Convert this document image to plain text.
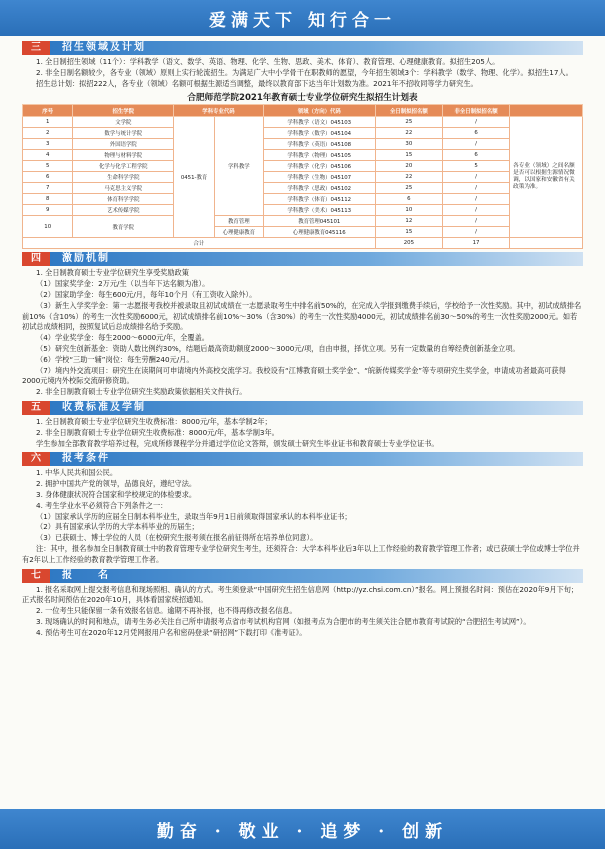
爱满天下 知行合一
三	招生领域及计划

1. 全日制招生领域（11个）：学科教学（语文、数学、英语、物理、化学、生物、思政、美术、体育）、教育管理、心理健康教育。拟招生205人。

2. 非全日制名额较少，各专业（领域）原则上实行轮流招生。为满足广大中小学骨干在职教师的愿望，今年招生领域3个：学科教学（数学、物理、化学）。拟招生17人。

招生总计划：拟招222人，各专业（领域）名额可根据生源适当调整，最终以教育部下达当年计划数为准。2021年不招收同等学力研究生。

合肥师范学院2021年教育硕士专业学位研究生拟招生计划表
序号	招生学院	学科专业代码		领域（方向）代码	全日制拟招名额	非全日制拟招名额	
1	文学院	0451-教育	学科教学	学科教学（语文）045103	25	/	各专业（领域）之间名额是否可以根据生源情况微调，以国家和安徽省有关政策为准。
2	数学与统计学院			学科教学（数学）045104	22	6	
3	外国语学院			学科教学（英语）045108	30	/	
4	物理与材料学院			学科教学（物理）045105	15	6	
5	化学与化学工程学院			学科教学（化学）045106	20	5	
6	生命科学学院			学科教学（生物）045107	22	/	
7	马克思主义学院			学科教学（思政）045102	25	/	
8	体育科学学院			学科教学（体育）045112	6	/	
9	艺术传媒学院			学科教学（美术）045113	10	/	
10	教育学院		教育管理	教育管理045101	12	/	
			心理健康教育	心理健康教育045116	15	/	
合计					205	17	
四	激励机制

1. 全日制教育硕士专业学位研究生享受奖励政策

（1）国家奖学金：2万元/生（以当年下达名额为准）。

（2）国家助学金：每生600元/月，每年10个月（有工资收入除外）。

（3）新生入学奖学金：第一志愿报考我校并被录取且初试成绩在一志愿录取考生中排名前50%的，在完成入学报到缴费手续后，学校给予一次性奖励。其中，初试成绩排名前10%（含10%）的考生一次性奖励6000元，初试成绩排名前10%～30%（含30%）的考生一次性奖励4000元，初试成绩排名前30～50%的考生一次性奖励2000元。如若初试总成绩相同，按照复试后总成绩排名给予奖励。

（4）学业奖学金：每生2000～6000元/年，全覆盖。

（5）研究生创新基金：资助人数比例约30%，结题后最高资助额度2000～3000元/项，自由申报，择优立项。另有一定数量的自筹经费创新基金立项。

（6）学校“三助一辅”岗位：每生劳酬240元/月。

（7）境内外交流项目：研究生在读期间可申请境内外高校交流学习。我校设有“江博教育硕士奖学金”、“皖新传媒奖学金”等专项研究生奖学金，申请成功者最高可获得2000元境内外校际交流研修资助。

2. 非全日制教育硕士专业学位研究生奖励政策依据相关文件执行。

五	收费标准及学制

1. 全日制教育硕士专业学位研究生收费标准：8000元/年，基本学制2年；

2. 非全日制教育硕士专业学位研究生收费标准：8000元/年，基本学制3年。

学生参加全部教育教学培养过程，完成所修课程学分并通过学位论文答辩，颁发硕士研究生毕业证书和教育硕士专业学位证书。

六	报考条件

1. 中华人民共和国公民。

2. 拥护中国共产党的领导，品德良好，遵纪守法。

3. 身体健康状况符合国家和学校规定的体检要求。

4. 考生学业水平必须符合下列条件之一：

（1）国家承认学历的应届全日制本科毕业生，录取当年9月1日前须取得国家承认的本科毕业证书；

（2）具有国家承认学历的大学本科毕业的历届生；

（3）已获硕士、博士学位的人员（在校研究生报考须在报名前征得所在培养单位同意）。

注：其中，报名参加全日制教育硕士中的教育管理专业学位研究生考生，还须符合：大学本科毕业后3年以上工作经验的教育教学管理工作者；或已获硕士学位或博士学位并有2年以上工作经验的教育教学管理工作者。

七	报　　名

1. 报名采取网上提交报考信息和现场照相、确认的方式。考生须登录“中国研究生招生信息网（http://yz.chsi.com.cn）”报名。网上预报名时间：预估在2020年9月下旬；正式报名时间预估在2020年10月，具体看国家统招通知。

2. 一位考生只能保留一条有效报名信息。逾期不再补报，也不得再修改报名信息。

3. 现场确认的时间和地点，请考生务必关注自己所申请报考点省市考试机构官网（如报考点为合肥市的考生须关注合肥市教育考试院的“合肥招生考试网”）。

4. 预估考生可在2020年12月凭网报用户名和密码登录“研招网”下载打印《准考证》。

勤奋 · 敬业 · 追梦 · 创新
